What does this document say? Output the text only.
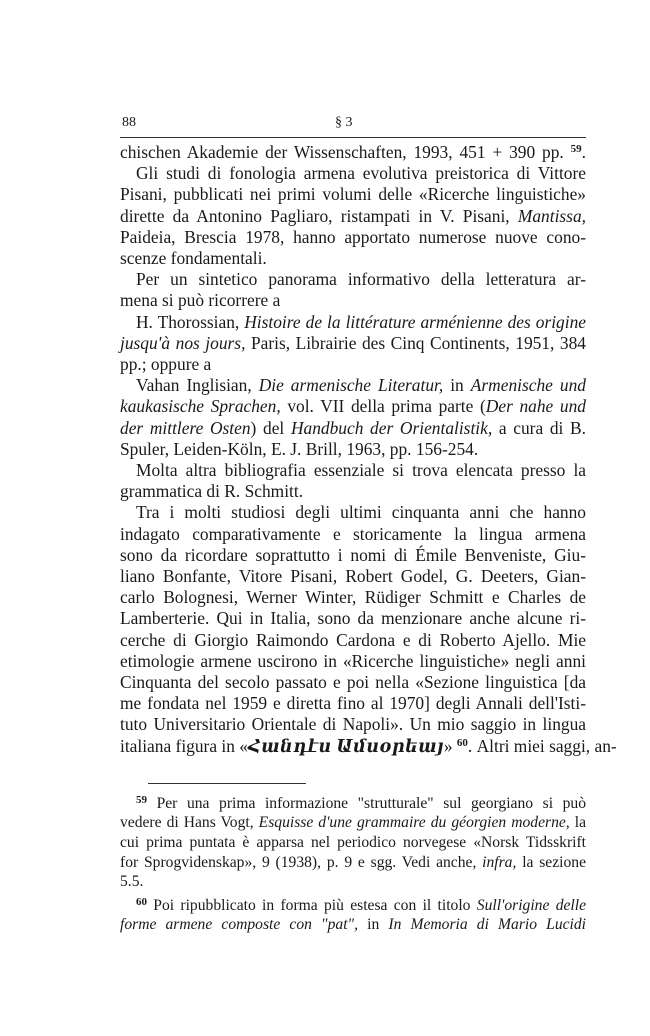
88	§ 3
chischen Akademie der Wissenschaften, 1993, 451 + 390 pp. $^{59}$.
Gli studi di fonologia armena evolutiva preistorica di Vittore
Pisani, pubblicati nei primi volumi delle «Ricerche linguistiche»
dirette da Antonino Pagliaro, ristampati in V. Pisani, Mantissa,
Paideia, Brescia 1978, hanno apportato numerose nuove cono-
scenze fondamentali.
Per un sintetico panorama informativo della letteratura ar-
mena si può ricorrere a
H. Thorossian, Histoire de la littérature arménienne des origine
jusqu'à nos jours, Paris, Librairie des Cinq Continents, 1951, 384
pp.; oppure a
Vahan Inglisian, Die armenische Literatur, in Armenische und
kaukasische Sprachen, vol. VII della prima parte (Der nahe und
der mittlere Osten) del Handbuch der Orientalistik, a cura di B.
Spuler, Leiden-Köln, E. J. Brill, 1963, pp. 156-254.
Molta altra bibliografia essenziale si trova elencata presso la
grammatica di R. Schmitt.
Tra i molti studiosi degli ultimi cinquanta anni che hanno
indagato comparativamente e storicamente la lingua armena
sono da ricordare soprattutto i nomi di Émile Benveniste, Giu-
liano Bonfante, Vitore Pisani, Robert Godel, G. Deeters, Gian-
carlo Bolognesi, Werner Winter, Rüdiger Schmitt e Charles de
Lamberterie. Qui in Italia, sono da menzionare anche alcune ri-
cerche di Giorgio Raimondo Cardona e di Roberto Ajello. Mie
etimologie armene uscirono in «Ricerche linguistiche» negli anni
Cinquanta del secolo passato e poi nella «Sezione linguistica [da
me fondata nel 1959 e diretta fino al 1970] degli Annali dell'Isti-
tuto Universitario Orientale di Napoli». Un mio saggio in lingua
italiana figura in «Հանդէս Ամսօրեայ» $^{60}$. Altri miei saggi, an-
$^{59}$ Per una prima informazione "strutturale" sul georgiano si può
vedere di Hans Vogt, Esquisse d'une grammaire du géorgien moderne, la
cui prima puntata è apparsa nel periodico norvegese «Norsk Tidsskrift
for Sprogvidenskap», 9 (1938), p. 9 e sgg. Vedi anche, infra, la sezione
5.5.
$^{60}$ Poi ripubblicato in forma più estesa con il titolo Sull'origine delle
forme armene composte con "pat", in In Memoria di Mario Lucidi
